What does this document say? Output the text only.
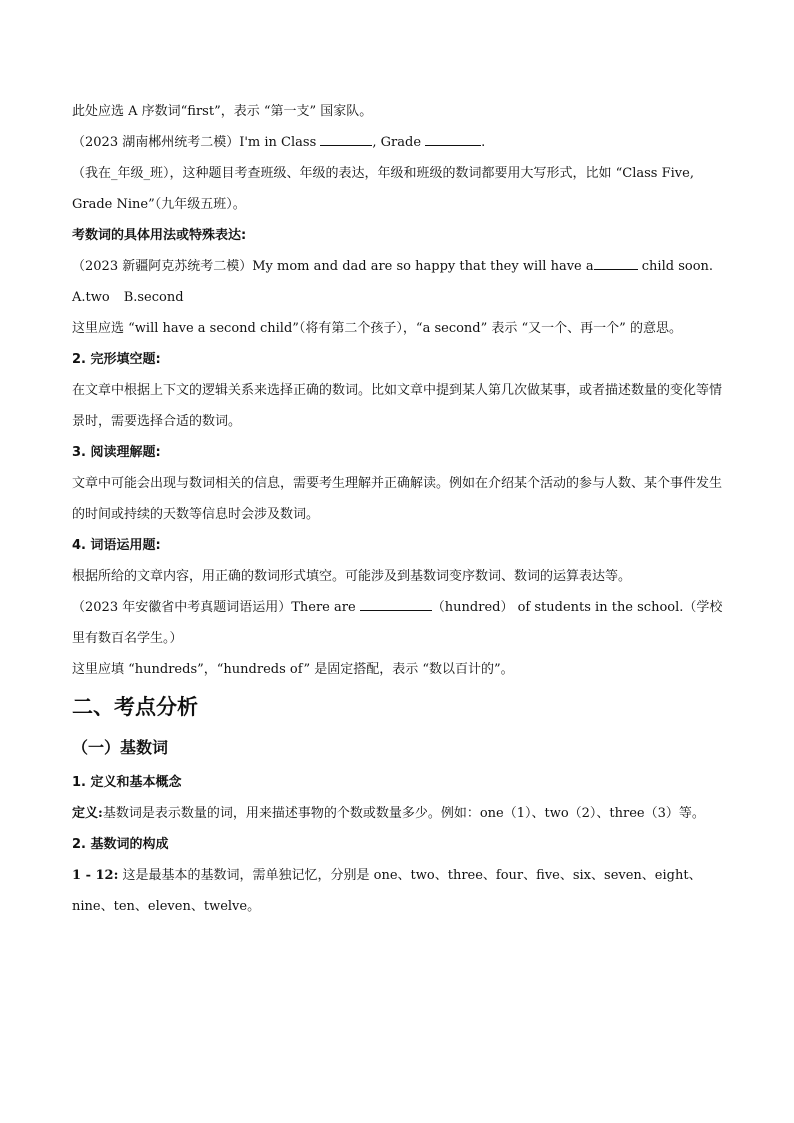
此处应选 A 序数词“first”，表示 “第一支” 国家队。

（2023 湖南郴州统考二模）I'm in Class	, Grade	.

（我在_年级_班），这种题目考查班级、年级的表达，年级和班级的数词都要用大写形式，比如 “Class Five, Grade Nine”（九年级五班）。

考数词的具体用法或特殊表达:

（2023 新疆阿克苏统考二模）My mom and dad are so happy that they will have a	child soon.

A.two B.second

这里应选 “will have a second child”（将有第二个孩子），“a second” 表示 “又一个、再一个” 的意思。

2. 完形填空题:

在文章中根据上下文的逻辑关系来选择正确的数词。比如文章中提到某人第几次做某事，或者描述数量的变化等情景时，需要选择合适的数词。

3. 阅读理解题:

文章中可能会出现与数词相关的信息，需要考生理解并正确解读。例如在介绍某个活动的参与人数、某个事件发生的时间或持续的天数等信息时会涉及数词。

4. 词语运用题:

根据所给的文章内容，用正确的数词形式填空。可能涉及到基数词变序数词、数词的运算表达等。

（2023 年安徽省中考真题词语运用）There are	（hundred） of students in the school.（学校里有数百名学生。）

这里应填 “hundreds”，“hundreds of” 是固定搭配，表示 “数以百计的”。

二、考点分析
（一）基数词

1. 定义和基本概念

定义:基数词是表示数量的词，用来描述事物的个数或数量多少。例如：one（1）、two（2）、three（3）等。

2. 基数词的构成

1 - 12: 这是最基本的基数词，需单独记忆，分别是 one、two、three、four、five、six、seven、eight、nine、ten、eleven、twelve。
